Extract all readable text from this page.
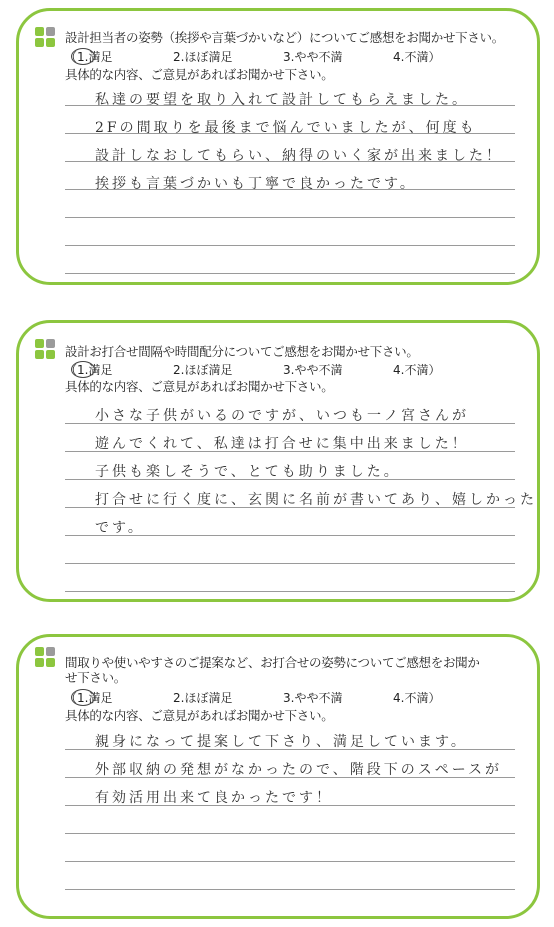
設計担当者の姿勢（挨拶や言葉づかいなど）についてご感想をお聞かせ下さい。
（ 1.満足	2.ほぼ満足	3.やや不満	4.不満）
具体的な内容、ご意見があればお聞かせ下さい。
私達の要望を取り入れて設計してもらえました。
2Fの間取りを最後まで悩んでいましたが、何度も
設計しなおしてもらい、納得のいく家が出来ました！
挨拶も言葉づかいも丁寧で良かったです。
設計お打合せ間隔や時間配分についてご感想をお聞かせ下さい。
（ 1.満足	2.ほぼ満足	3.やや不満	4.不満）
具体的な内容、ご意見があればお聞かせ下さい。
小さな子供がいるのですが、いつも一ノ宮さんが
遊んでくれて、私達は打合せに集中出来ました！
子供も楽しそうで、とても助りました。
打合せに行く度に、玄関に名前が書いてあり、嬉しかった
です。
間取りや使いやすさのご提案など、お打合せの姿勢についてご感想をお聞か
せ下さい。
（ 1.満足	2.ほぼ満足	3.やや不満	4.不満）
具体的な内容、ご意見があればお聞かせ下さい。
親身になって提案して下さり、満足しています。
外部収納の発想がなかったので、階段下のスペースが
有効活用出来て良かったです！
